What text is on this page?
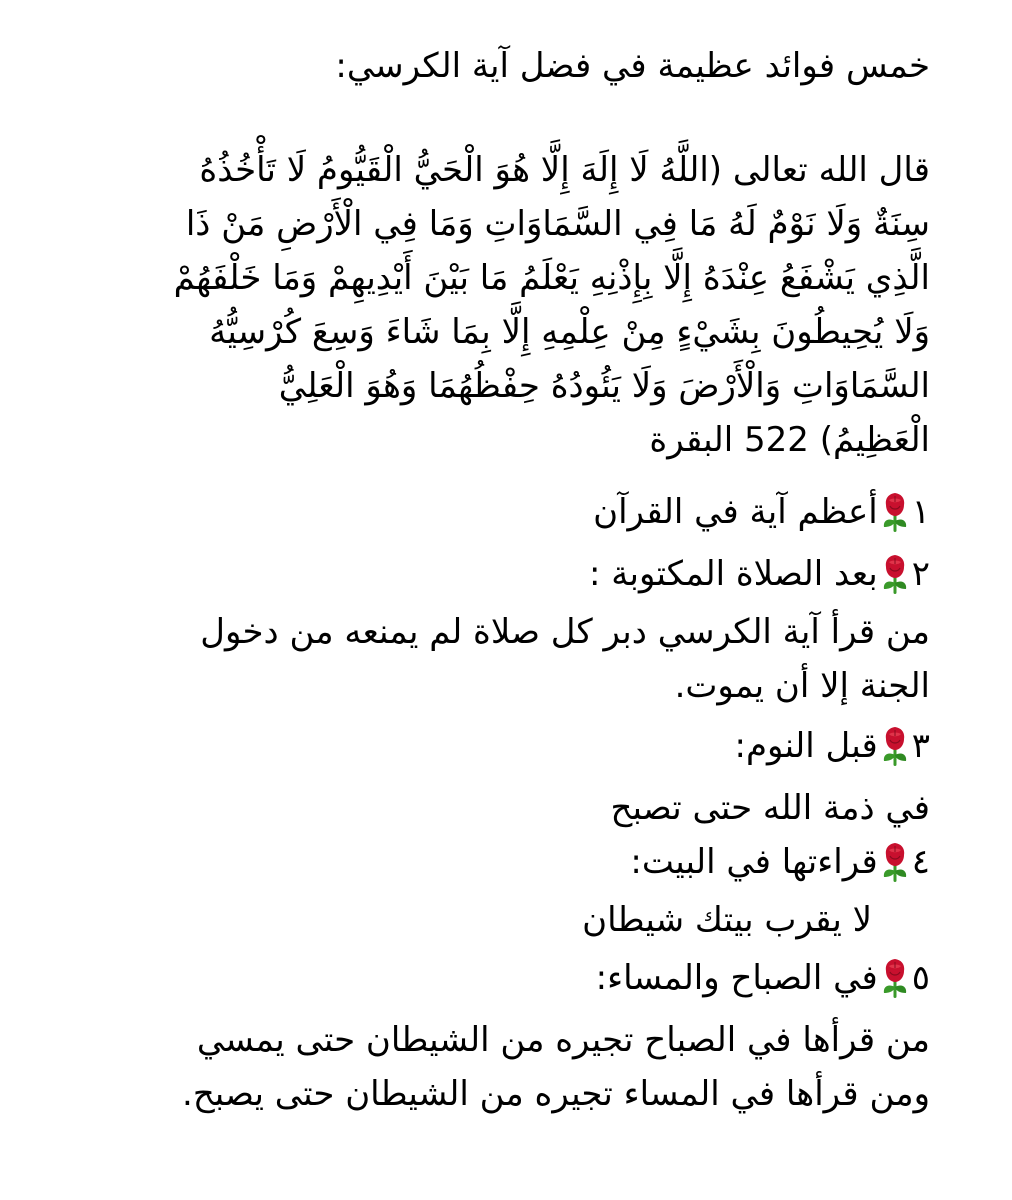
خمس فوائد عظيمة في فضل آية الكرسي:

قال الله تعالى (اللَّهُ لَا إِلَهَ إِلَّا هُوَ الْحَيُّ الْقَيُّومُ لَا تَأْخُذُهُ

سِنَةٌ وَلَا نَوْمٌ لَهُ مَا فِي السَّمَاوَاتِ وَمَا فِي الْأَرْضِ مَنْ ذَا

الَّذِي يَشْفَعُ عِنْدَهُ إِلَّا بِإِذْنِهِ يَعْلَمُ مَا بَيْنَ أَيْدِيهِمْ وَمَا خَلْفَهُمْ

وَلَا يُحِيطُونَ بِشَيْءٍ مِنْ عِلْمِهِ إِلَّا بِمَا شَاءَ وَسِعَ كُرْسِيُّهُ

السَّمَاوَاتِ وَالْأَرْضَ وَلَا يَئُودُهُ حِفْظُهُمَا وَهُوَ الْعَلِيُّ

الْعَظِيمُ) 522 البقرة

١
أعظم آية في القرآن
٢
بعد الصلاة المكتوبة :

من قرأ آية الكرسي دبر كل صلاة لم يمنعه من دخول

الجنة إلا أن يموت.

٣
قبل النوم:

في ذمة الله حتى تصبح

٤
قراءتها في البيت:

لا يقرب بيتك شيطان

٥
في الصباح والمساء:

من قرأها في الصباح تجيره من الشيطان حتى يمسي

ومن قرأها في المساء تجيره من الشيطان حتى يصبح.
